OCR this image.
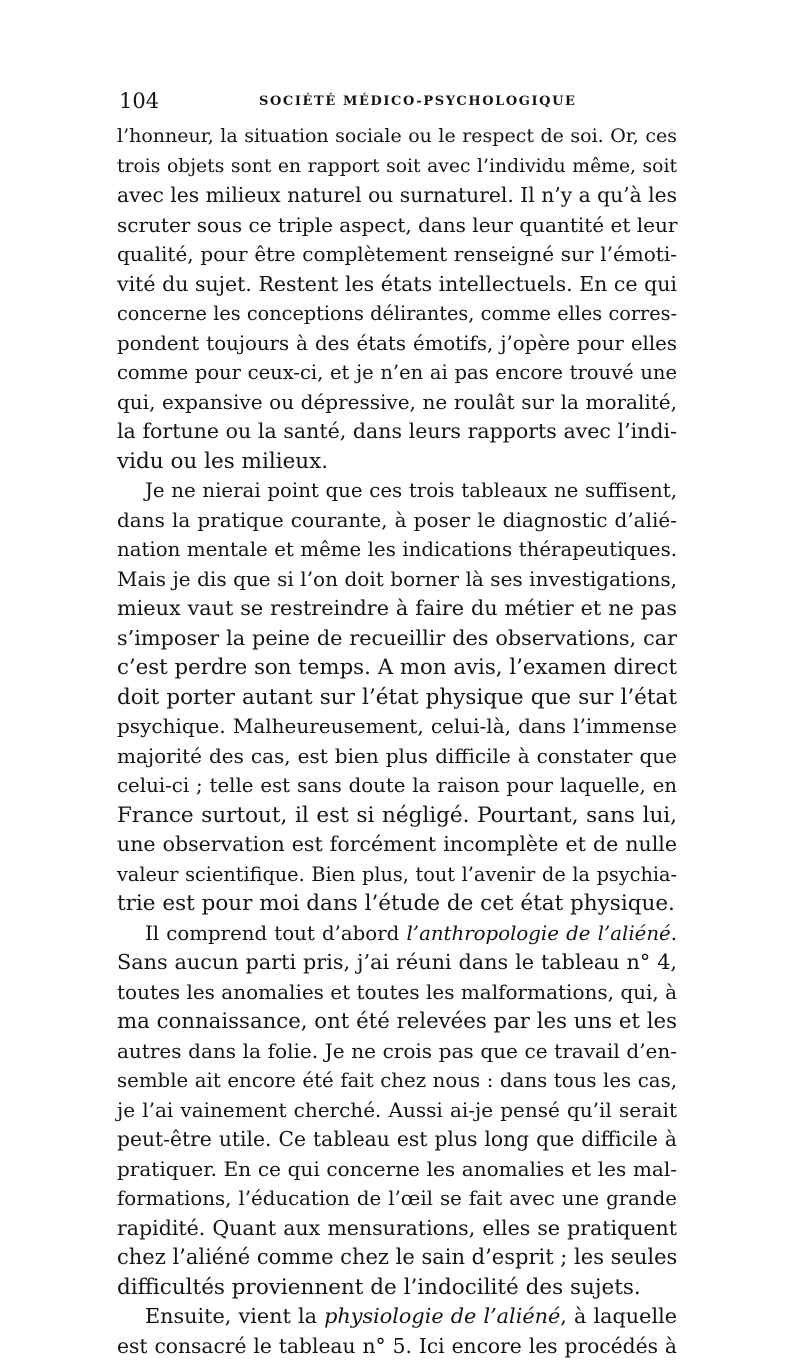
104	SOCIÉTÉ MÉDICO-PSYCHOLOGIQUE
l’honneur, la situation sociale ou le respect de soi. Or, ces
trois objets sont en rapport soit avec l’individu même, soit
avec les milieux naturel ou surnaturel. Il n’y a qu’à les
scruter sous ce triple aspect, dans leur quantité et leur
qualité, pour être complètement renseigné sur l’émoti-
vité du sujet. Restent les états intellectuels. En ce qui
concerne les conceptions délirantes, comme elles corres-
pondent toujours à des états émotifs, j’opère pour elles
comme pour ceux-ci, et je n’en ai pas encore trouvé une
qui, expansive ou dépressive, ne roulât sur la moralité,
la fortune ou la santé, dans leurs rapports avec l’indi-
vidu ou les milieux.
Je ne nierai point que ces trois tableaux ne suffisent,
dans la pratique courante, à poser le diagnostic d’alié-
nation mentale et même les indications thérapeutiques.
Mais je dis que si l’on doit borner là ses investigations,
mieux vaut se restreindre à faire du métier et ne pas
s’imposer la peine de recueillir des observations, car
c’est perdre son temps. A mon avis, l’examen direct
doit porter autant sur l’état physique que sur l’état
psychique. Malheureusement, celui-là, dans l’immense
majorité des cas, est bien plus difficile à constater que
celui-ci ; telle est sans doute la raison pour laquelle, en
France surtout, il est si négligé. Pourtant, sans lui,
une observation est forcément incomplète et de nulle
valeur scientifique. Bien plus, tout l’avenir de la psychia-
trie est pour moi dans l’étude de cet état physique.
Il comprend tout d’abord l’anthropologie de l’aliéné.
Sans aucun parti pris, j’ai réuni dans le tableau n° 4,
toutes les anomalies et toutes les malformations, qui, à
ma connaissance, ont été relevées par les uns et les
autres dans la folie. Je ne crois pas que ce travail d’en-
semble ait encore été fait chez nous : dans tous les cas,
je l’ai vainement cherché. Aussi ai-je pensé qu’il serait
peut-être utile. Ce tableau est plus long que difficile à
pratiquer. En ce qui concerne les anomalies et les mal-
formations, l’éducation de l’œil se fait avec une grande
rapidité. Quant aux mensurations, elles se pratiquent
chez l’aliéné comme chez le sain d’esprit ; les seules
difficultés proviennent de l’indocilité des sujets.
Ensuite, vient la physiologie de l’aliéné, à laquelle
est consacré le tableau n° 5. Ici encore les procédés à
